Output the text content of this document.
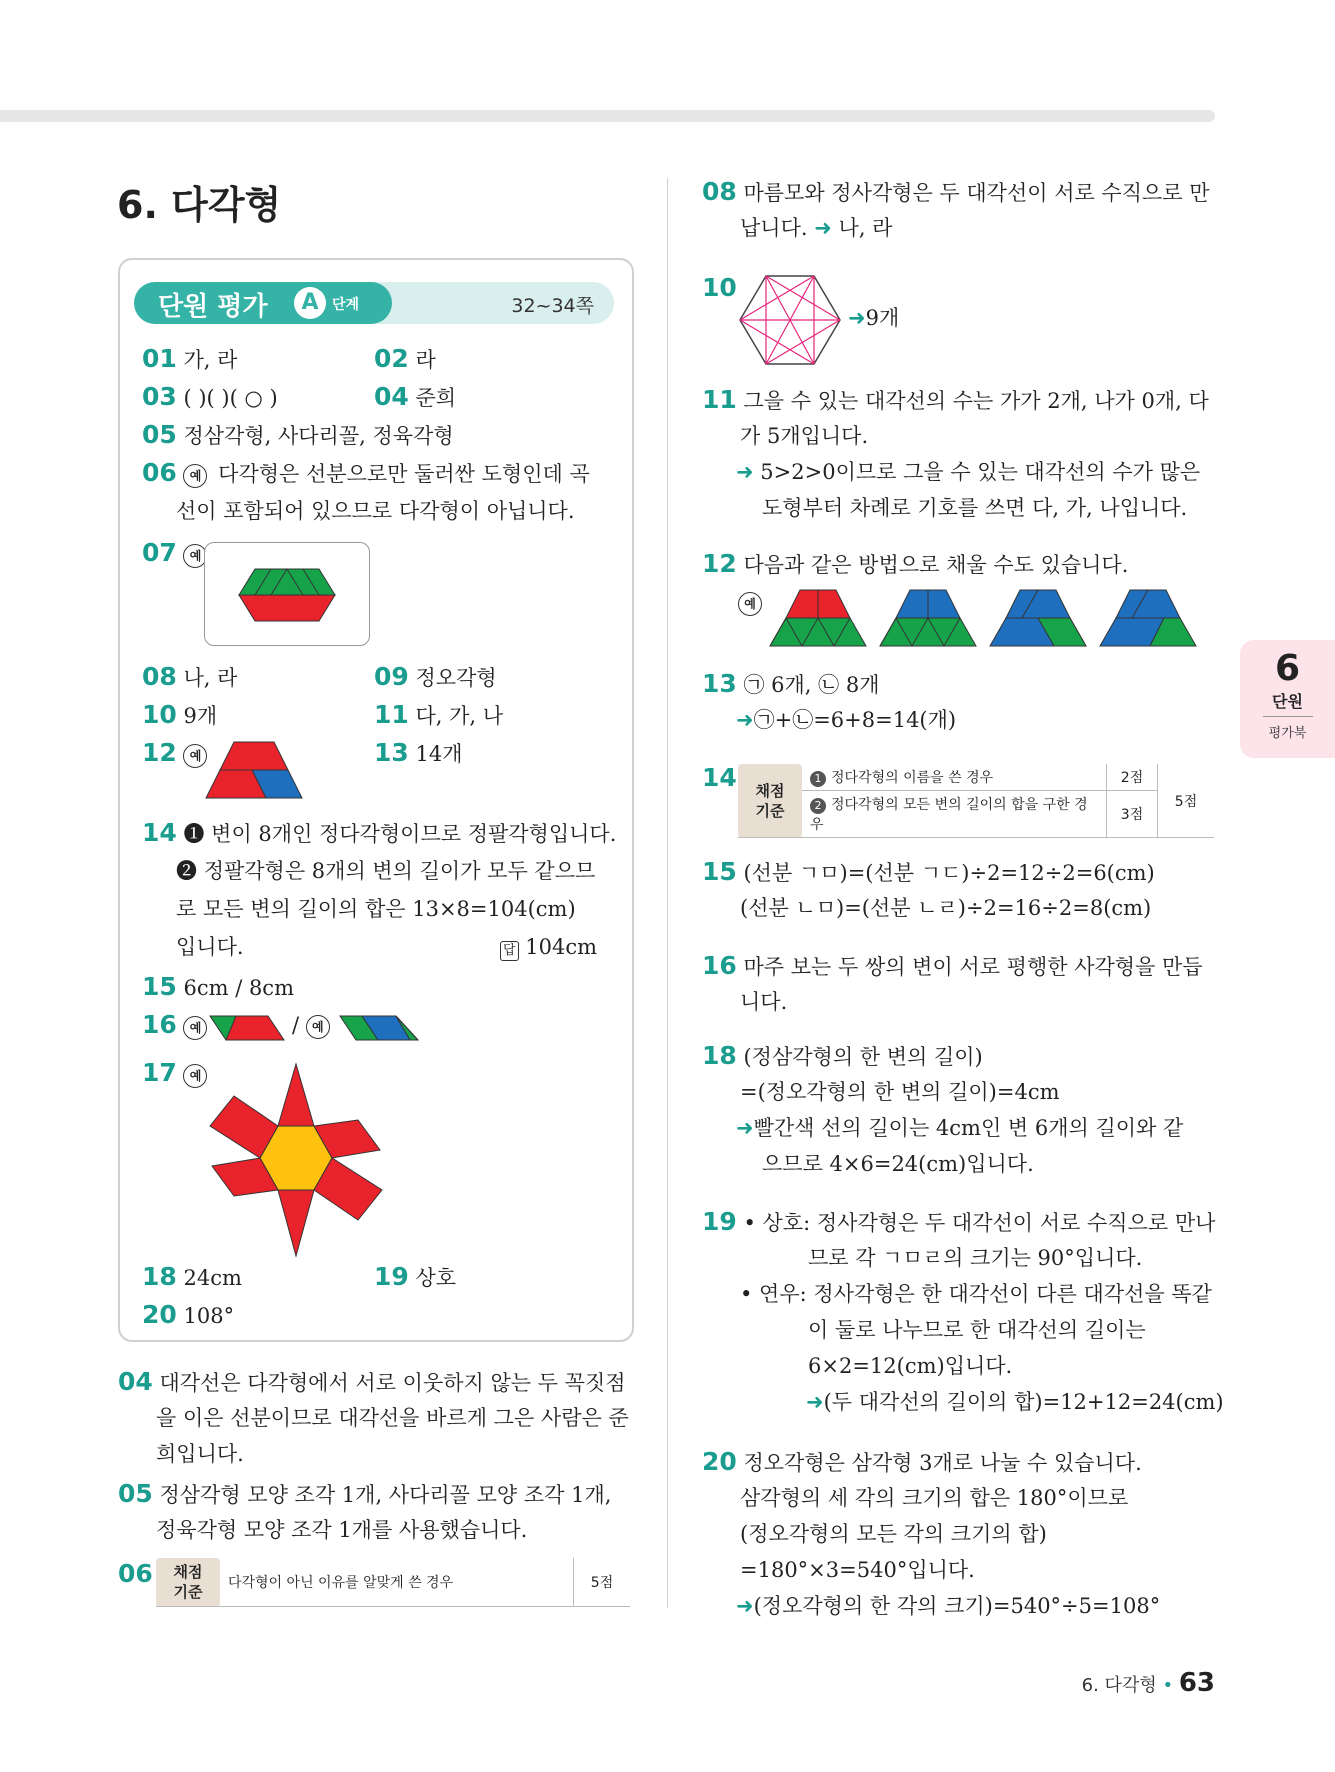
6. 다각형
단원 평가	A 단계	32~34쪽
01 가, 라	02 라
03 ( )( )( ○ )	04 준희
05 정삼각형, 사다리꼴, 정육각형
06 예 다각형은 선분으로만 둘러싼 도형인데 곡
선이 포함되어 있으므로 다각형이 아닙니다.
07 예
08 나, 라	09 정오각형
10 9개	11 다, 가, 나
12 예	13 14개
14 ❶ 변이 8개인 정다각형이므로 정팔각형입니다.
❷ 정팔각형은 8개의 변의 길이가 모두 같으므
로 모든 변의 길이의 합은 13×8=104(cm)
입니다.	답 104cm
15 6cm / 8cm
16 예	/ 예
17 예
18 24cm	19 상호
20 108°
04 대각선은 다각형에서 서로 이웃하지 않는 두 꼭짓점
을 이은 선분이므로 대각선을 바르게 그은 사람은 준
희입니다.
05 정삼각형 모양 조각 1개, 사다리꼴 모양 조각 1개,
정육각형 모양 조각 1개를 사용했습니다.
06 채점
기준	다각형이 아닌 이유를 알맞게 쓴 경우	5점
08 마름모와 정사각형은 두 대각선이 서로 수직으로 만
납니다. ➜ 나, 라
10
➜9개
11 그을 수 있는 대각선의 수는 가가 2개, 나가 0개, 다
가 5개입니다.
➜ 5>2>0이므로 그을 수 있는 대각선의 수가 많은
도형부터 차례로 기호를 쓰면 다, 가, 나입니다.
12 다음과 같은 방법으로 채울 수도 있습니다.
예
13 ㉠ 6개, ㉡ 8개
➜㉠+㉡=6+8=14(개)
14 채점
기준	1 정다각형의 이름을 쓴 경우	2점	5점
	2 정다각형의 모든 변의 길이의 합을 구한 경우	3점	
15 (선분 ㄱㅁ)=(선분 ㄱㄷ)÷2=12÷2=6(cm)
(선분 ㄴㅁ)=(선분 ㄴㄹ)÷2=16÷2=8(cm)
16 마주 보는 두 쌍의 변이 서로 평행한 사각형을 만듭
니다.
18 (정삼각형의 한 변의 길이)
=(정오각형의 한 변의 길이)=4cm
➜빨간색 선의 길이는 4cm인 변 6개의 길이와 같
으므로 4×6=24(cm)입니다.
19 • 상호: 정사각형은 두 대각선이 서로 수직으로 만나
므로 각 ㄱㅁㄹ의 크기는 90°입니다.
• 연우: 정사각형은 한 대각선이 다른 대각선을 똑같
이 둘로 나누므로 한 대각선의 길이는
6×2=12(cm)입니다.
➜(두 대각선의 길이의 합)=12+12=24(cm)
20 정오각형은 삼각형 3개로 나눌 수 있습니다.
삼각형의 세 각의 크기의 합은 180°이므로
(정오각형의 모든 각의 크기의 합)
=180°×3=540°입니다.
➜(정오각형의 한 각의 크기)=540°÷5=108°
6
단원
평가북
6. 다각형 • 63
